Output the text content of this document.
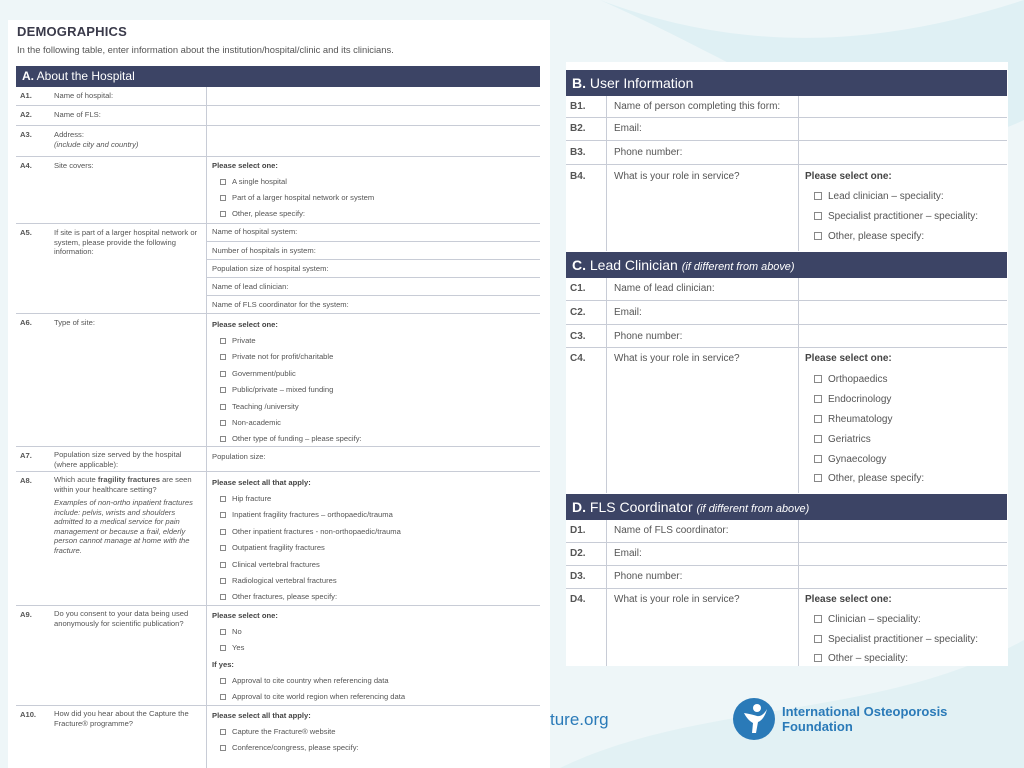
DEMOGRAPHICS
In the following table, enter information about the institution/hospital/clinic and its clinicians.
A. About the Hospital
A1.	Name of hospital:
A2.	Name of FLS:
A3.	Address:
(include city and country)
A4.	Site covers:	Please select one:
A single hospital
Part of a larger hospital network or system
Other, please specify:
A5.	If site is part of a larger hospital network or system, please provide the following information:
Name of hospital system:
Number of hospitals in system:
Population size of hospital system:
Name of lead clinician:
Name of FLS coordinator for the system:
A6.	Type of site:	Please select one:
Private
Private not for profit/charitable
Government/public
Public/private – mixed funding
Teaching /university
Non-academic
Other type of funding – please specify:
A7.	Population size served by the hospital (where applicable):
Population size:
A8.	Which acute fragility fractures are seen within your healthcare setting?
Examples of non-ortho inpatient fractures include: pelvis, wrists and shoulders admitted to a medical service for pain management or because a frail, elderly person cannot manage at home with the fracture.
Please select all that apply:
Hip fracture
Inpatient fragility fractures – orthopaedic/trauma
Other inpatient fractures - non-orthopaedic/trauma
Outpatient fragility fractures
Clinical vertebral fractures
Radiological vertebral fractures
Other fractures, please specify:
A9.	Do you consent to your data being used anonymously for scientific publication?
Please select one:
No
Yes
If yes:
Approval to cite country when referencing data
Approval to cite world region when referencing data
A10. How did you hear about the Capture the Fracture® programme?
Please select all that apply:
Capture the Fracture® website
Conference/congress, please specify:
B. User Information
B1.	Name of person completing this form:
B2.	Email:
B3.	Phone number:
B4.	What is your role in service?	Please select one:
Lead clinician – speciality:
Specialist practitioner – speciality:
Other, please specify:
C. Lead Clinician (if different from above)
C1.	Name of lead clinician:
C2.	Email:
C3.	Phone number:
C4.	What is your role in service?	Please select one:
Orthopaedics
Endocrinology
Rheumatology
Geriatrics
Gynaecology
Other, please specify:
D. FLS Coordinator (if different from above)
D1.	Name of FLS coordinator:
D2.	Email:
D3.	Phone number:
D4.	What is your role in service?	Please select one:
Clinician – speciality:
Specialist practitioner – speciality:
Other – speciality:
ture.org	International Osteoporosis
Foundation
